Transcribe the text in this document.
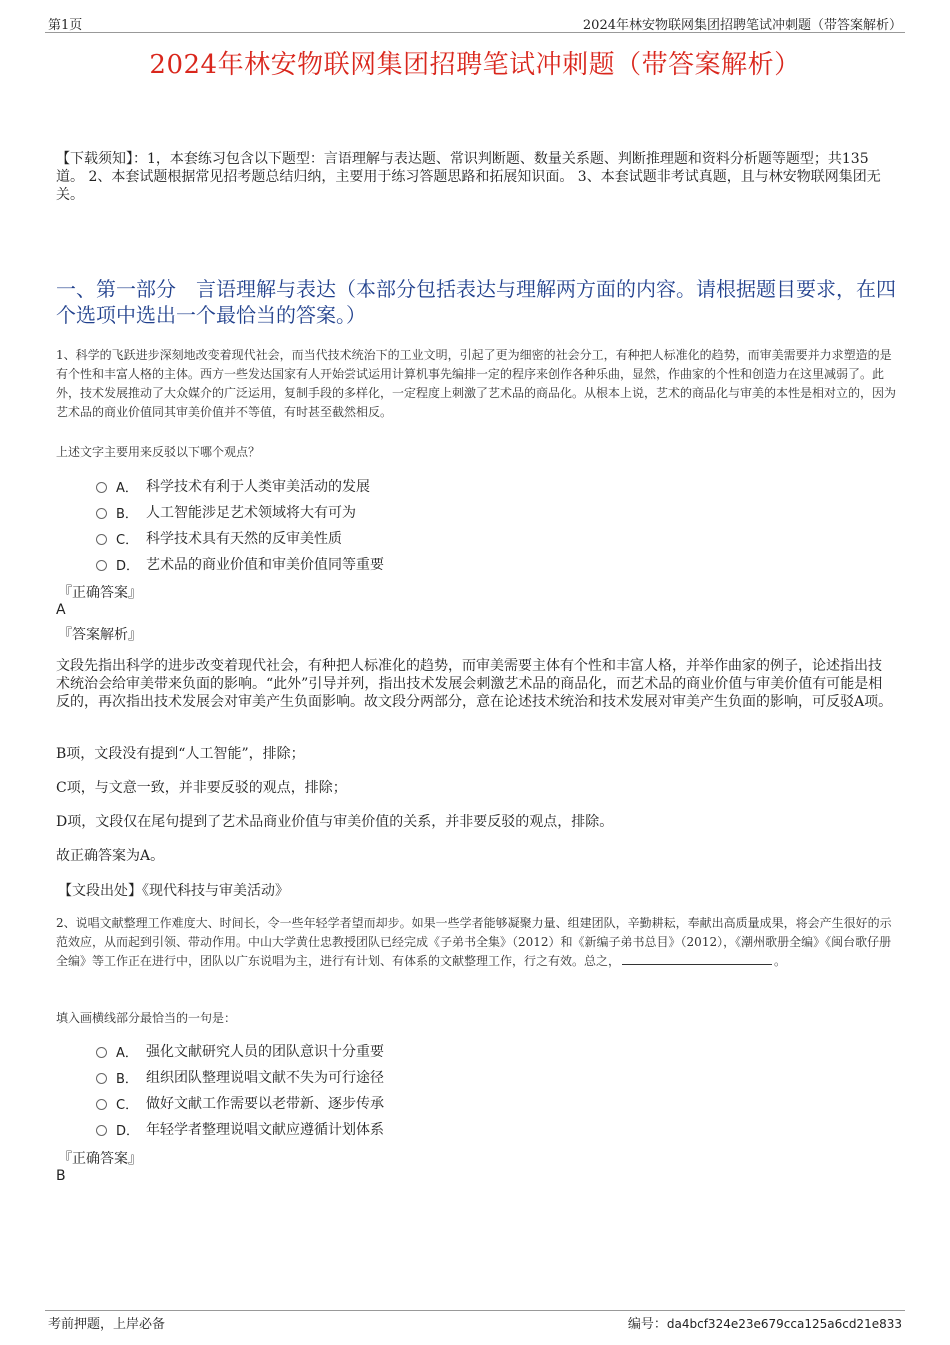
第1页	2024年林安物联网集团招聘笔试冲刺题（带答案解析）
2024年林安物联网集团招聘笔试冲刺题（带答案解析）
【下载须知】：1，本套练习包含以下题型：言语理解与表达题、常识判断题、数量关系题、判断推理题和资料分析题等题型；共135道。 2、本套试题根据常见招考题总结归纳，主要用于练习答题思路和拓展知识面。 3、本套试题非考试真题，且与林安物联网集团无关。
一、第一部分 言语理解与表达（本部分包括表达与理解两方面的内容。请根据题目要求，在四个选项中选出一个最恰当的答案。）
1、科学的飞跃进步深刻地改变着现代社会，而当代技术统治下的工业文明，引起了更为细密的社会分工，有种把人标准化的趋势，而审美需要并力求塑造的是有个性和丰富人格的主体。西方一些发达国家有人开始尝试运用计算机事先编排一定的程序来创作各种乐曲，显然，作曲家的个性和创造力在这里减弱了。此外，技术发展推动了大众媒介的广泛运用，复制手段的多样化，一定程度上刺激了艺术品的商品化。从根本上说，艺术的商品化与审美的本性是相对立的，因为艺术品的商业价值同其审美价值并不等值，有时甚至截然相反。
上述文字主要用来反驳以下哪个观点？
A． 科学技术有利于人类审美活动的发展
B． 人工智能涉足艺术领域将大有可为
C． 科学技术具有天然的反审美性质
D． 艺术品的商业价值和审美价值同等重要
『正确答案』
A
『答案解析』
文段先指出科学的进步改变着现代社会，有种把人标准化的趋势，而审美需要主体有个性和丰富人格，并举作曲家的例子，论述指出技术统治会给审美带来负面的影响。“此外”引导并列，指出技术发展会刺激艺术品的商品化，而艺术品的商业价值与审美价值有可能是相反的，再次指出技术发展会对审美产生负面影响。故文段分两部分，意在论述技术统治和技术发展对审美产生负面的影响，可反驳A项。
B项，文段没有提到“人工智能”，排除；
C项，与文意一致，并非要反驳的观点，排除；
D项，文段仅在尾句提到了艺术品商业价值与审美价值的关系，并非要反驳的观点，排除。
故正确答案为A。
【文段出处】《现代科技与审美活动》
2、说唱文献整理工作难度大、时间长，令一些年轻学者望而却步。如果一些学者能够凝聚力量、组建团队，辛勤耕耘，奉献出高质量成果，将会产生很好的示范效应，从而起到引领、带动作用。中山大学黄仕忠教授团队已经完成《子弟书全集》（2012）和《新编子弟书总目》（2012），《潮州歌册全编》《闽台歌仔册全编》等工作正在进行中，团队以广东说唱为主，进行有计划、有体系的文献整理工作，行之有效。总之，	。
填入画横线部分最恰当的一句是：
A． 强化文献研究人员的团队意识十分重要
B． 组织团队整理说唱文献不失为可行途径
C． 做好文献工作需要以老带新、逐步传承
D． 年轻学者整理说唱文献应遵循计划体系
『正确答案』
B
考前押题，上岸必备	编号：da4bcf324e23e679cca125a6cd21e833
